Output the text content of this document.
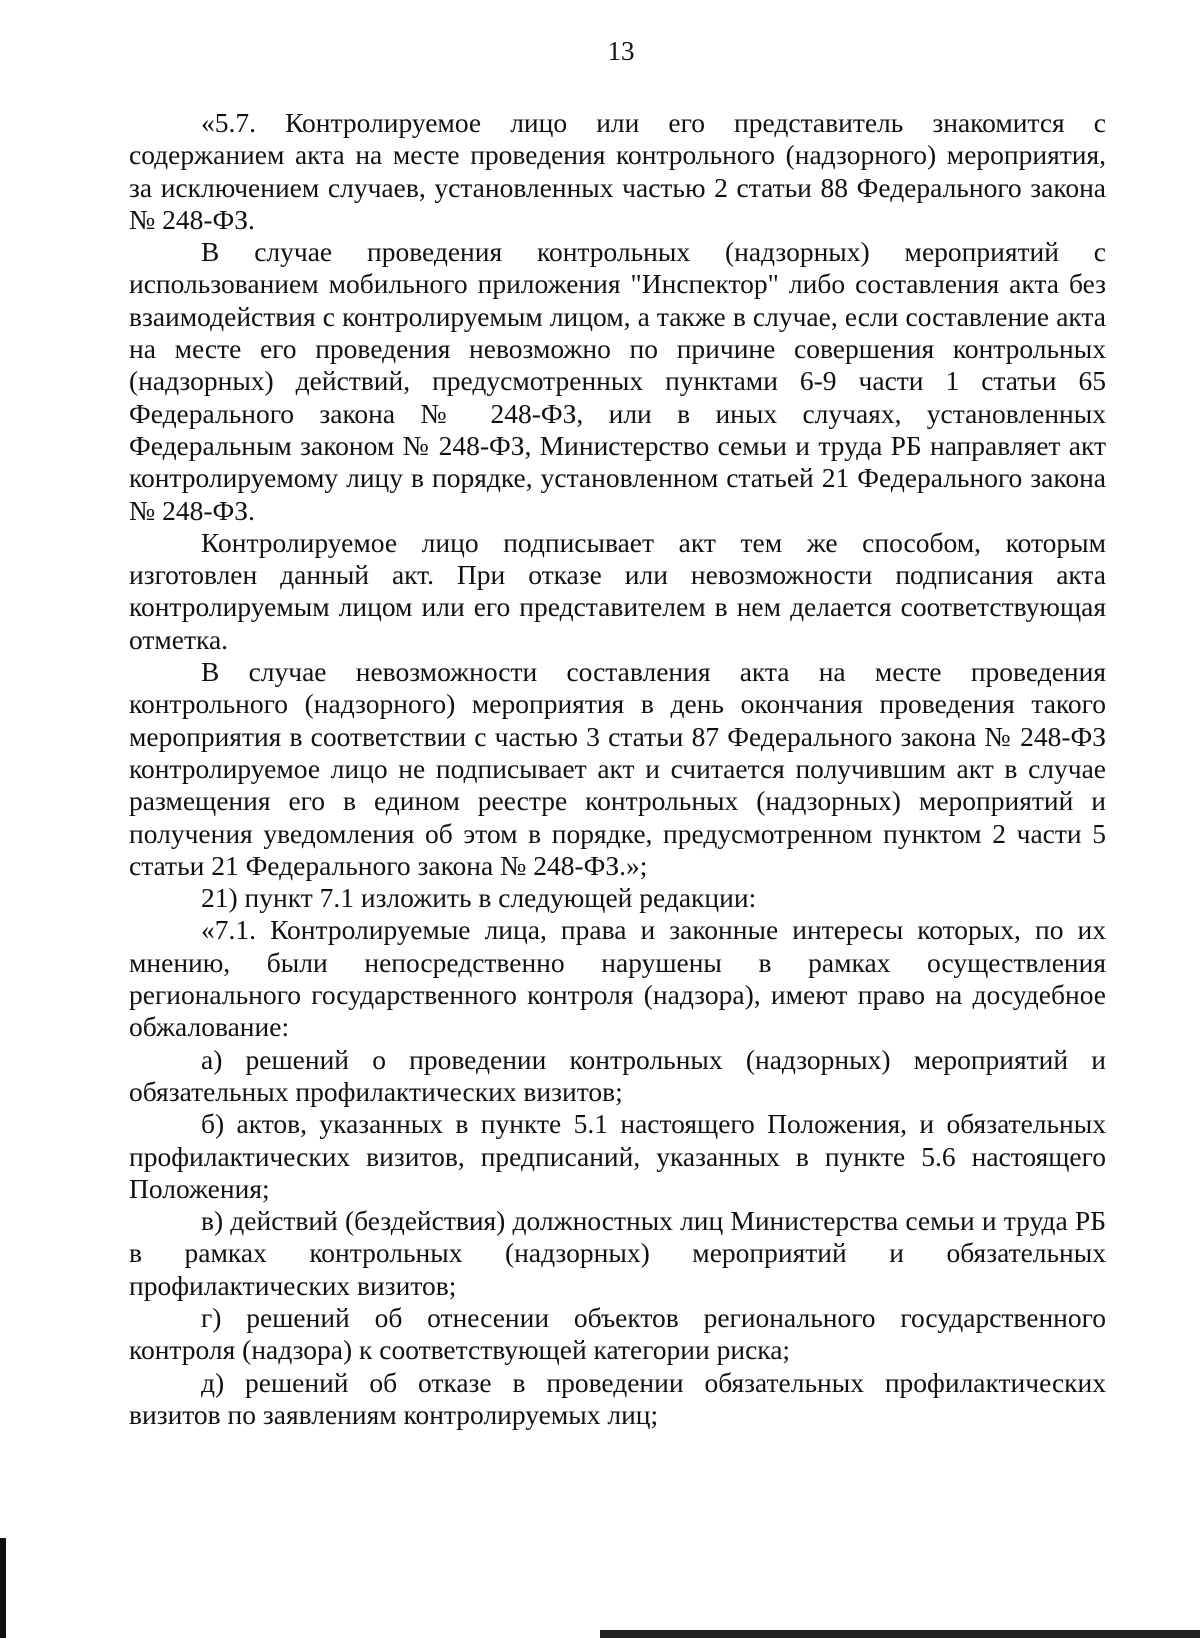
13

«5.7. Контролируемое лицо или его представитель знакомится с содержанием акта на месте проведения контрольного (надзорного) мероприятия, за исключением случаев, установленных частью 2 статьи 88 Федерального закона № 248-ФЗ.

В случае проведения контрольных (надзорных) мероприятий с использованием мобильного приложения "Инспектор" либо составления акта без взаимодействия с контролируемым лицом, а также в случае, если составление акта на месте его проведения невозможно по причине совершения контрольных (надзорных) действий, предусмотренных пунктами 6-9 части 1 статьи 65 Федерального закона № 248-ФЗ, или в иных случаях, установленных Федеральным законом № 248-ФЗ, Министерство семьи и труда РБ направляет акт контролируемому лицу в порядке, установленном статьей 21 Федерального закона № 248-ФЗ.

Контролируемое лицо подписывает акт тем же способом, которым изготовлен данный акт. При отказе или невозможности подписания акта контролируемым лицом или его представителем в нем делается соответствующая отметка.

В случае невозможности составления акта на месте проведения контрольного (надзорного) мероприятия в день окончания проведения такого мероприятия в соответствии с частью 3 статьи 87 Федерального закона № 248-ФЗ контролируемое лицо не подписывает акт и считается получившим акт в случае размещения его в едином реестре контрольных (надзорных) мероприятий и получения уведомления об этом в порядке, предусмотренном пунктом 2 части 5 статьи 21 Федерального закона № 248-ФЗ.»;

21) пункт 7.1 изложить в следующей редакции:

«7.1. Контролируемые лица, права и законные интересы которых, по их мнению, были непосредственно нарушены в рамках осуществления регионального государственного контроля (надзора), имеют право на досудебное обжалование:

а) решений о проведении контрольных (надзорных) мероприятий и обязательных профилактических визитов;

б) актов, указанных в пункте 5.1 настоящего Положения, и обязательных профилактических визитов, предписаний, указанных в пункте 5.6 настоящего Положения;

в) действий (бездействия) должностных лиц Министерства семьи и труда РБ в рамках контрольных (надзорных) мероприятий и обязательных профилактических визитов;

г) решений об отнесении объектов регионального государственного контроля (надзора) к соответствующей категории риска;

д) решений об отказе в проведении обязательных профилактических визитов по заявлениям контролируемых лиц;
